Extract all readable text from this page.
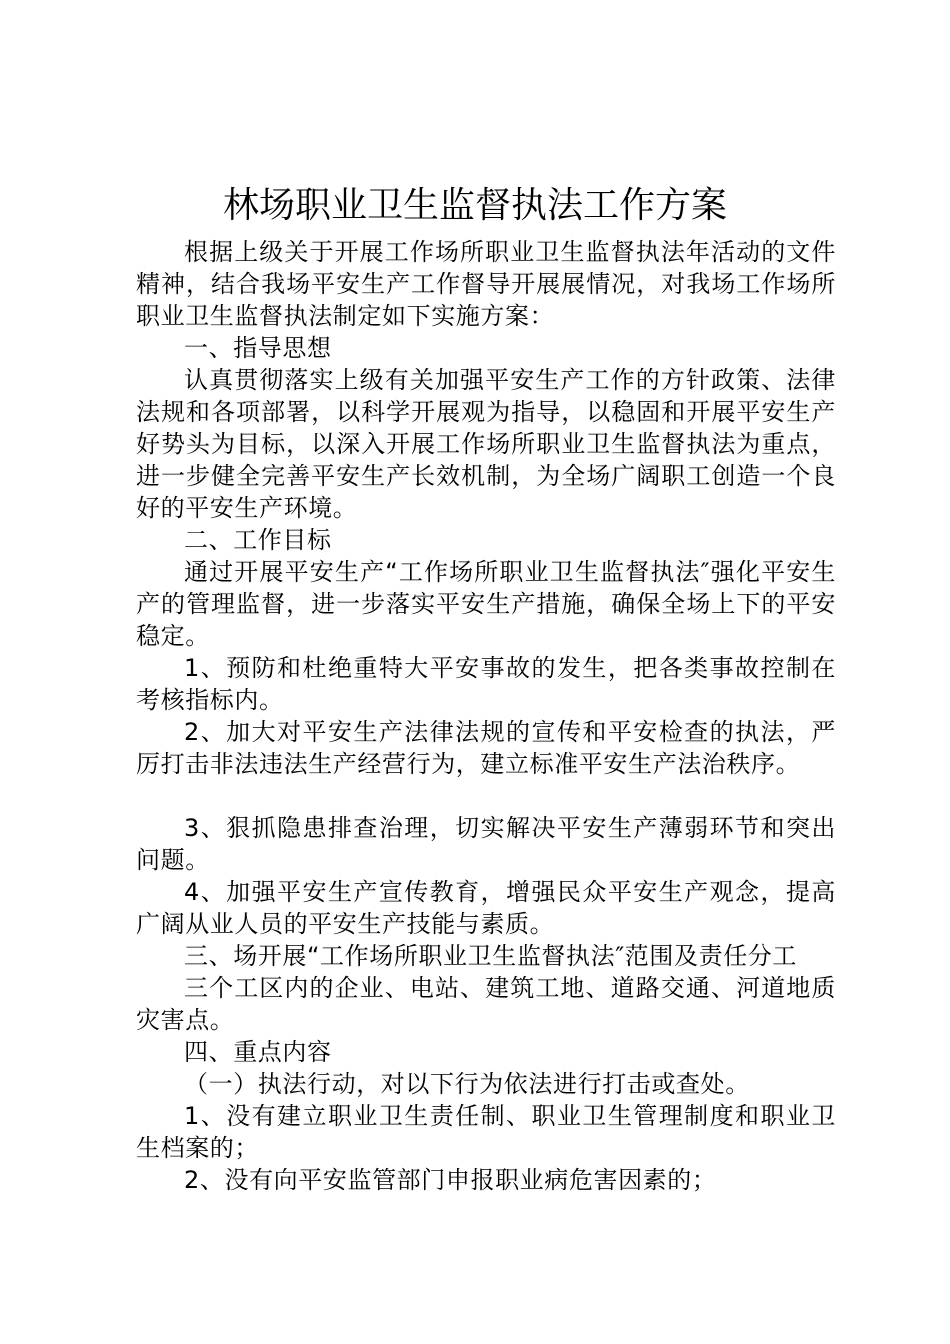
林场职业卫生监督执法工作方案

根据上级关于开展工作场所职业卫生监督执法年活动的文件精神，结合我场平安生产工作督导开展展情况，对我场工作场所职业卫生监督执法制定如下实施方案：

一、指导思想

认真贯彻落实上级有关加强平安生产工作的方针政策、法律法规和各项部署，以科学开展观为指导，以稳固和开展平安生产好势头为目标，以深入开展工作场所职业卫生监督执法为重点，进一步健全完善平安生产长效机制，为全场广阔职工创造一个良好的平安生产环境。

二、工作目标

通过开展平安生产“工作场所职业卫生监督执法″强化平安生产的管理监督，进一步落实平安生产措施，确保全场上下的平安稳定。

1、预防和杜绝重特大平安事故的发生，把各类事故控制在考核指标内。

2、加大对平安生产法律法规的宣传和平安检查的执法，严厉打击非法违法生产经营行为，建立标准平安生产法治秩序。

3、狠抓隐患排查治理，切实解决平安生产薄弱环节和突出问题。

4、加强平安生产宣传教育，增强民众平安生产观念，提高广阔从业人员的平安生产技能与素质。

三、场开展“工作场所职业卫生监督执法″范围及责任分工

三个工区内的企业、电站、建筑工地、道路交通、河道地质灾害点。

四、重点内容

（一）执法行动，对以下行为依法进行打击或查处。

1、没有建立职业卫生责任制、职业卫生管理制度和职业卫生档案的；

2、没有向平安监管部门申报职业病危害因素的；
